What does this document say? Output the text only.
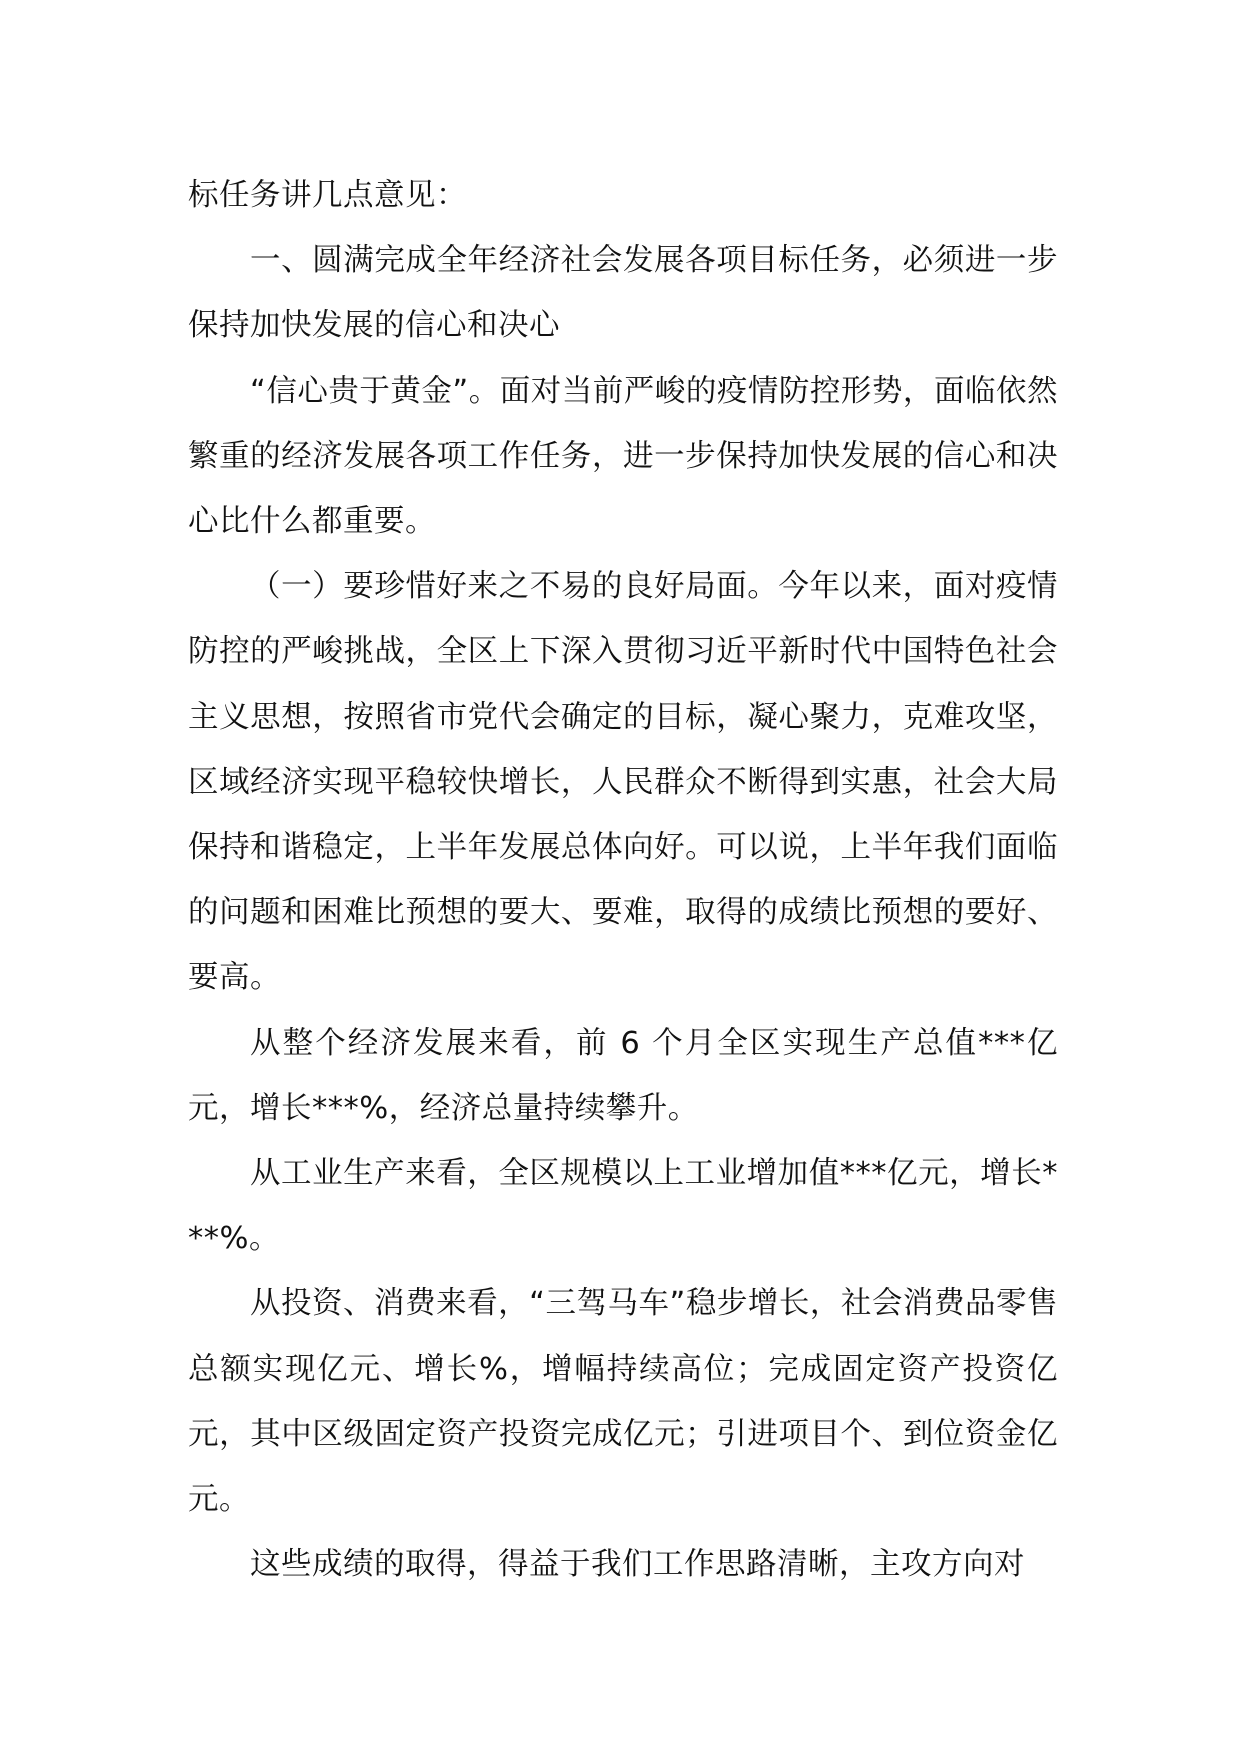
标任务讲几点意见：

一、圆满完成全年经济社会发展各项目标任务，必须进一步保持加快发展的信心和决心

“信心贵于黄金”。面对当前严峻的疫情防控形势，面临依然繁重的经济发展各项工作任务，进一步保持加快发展的信心和决心比什么都重要。

（一）要珍惜好来之不易的良好局面。今年以来，面对疫情防控的严峻挑战，全区上下深入贯彻习近平新时代中国特色社会主义思想，按照省市党代会确定的目标，凝心聚力，克难攻坚，区域经济实现平稳较快增长，人民群众不断得到实惠，社会大局保持和谐稳定，上半年发展总体向好。可以说，上半年我们面临的问题和困难比预想的要大、要难，取得的成绩比预想的要好、要高。

从整个经济发展来看，前 6 个月全区实现生产总值***亿元，增长***%，经济总量持续攀升。

从工业生产来看，全区规模以上工业增加值***亿元，增长***%。

从投资、消费来看，“三驾马车”稳步增长，社会消费品零售总额实现亿元、增长%，增幅持续高位；完成固定资产投资亿元，其中区级固定资产投资完成亿元；引进项目个、到位资金亿元。

这些成绩的取得，得益于我们工作思路清晰，主攻方向对
